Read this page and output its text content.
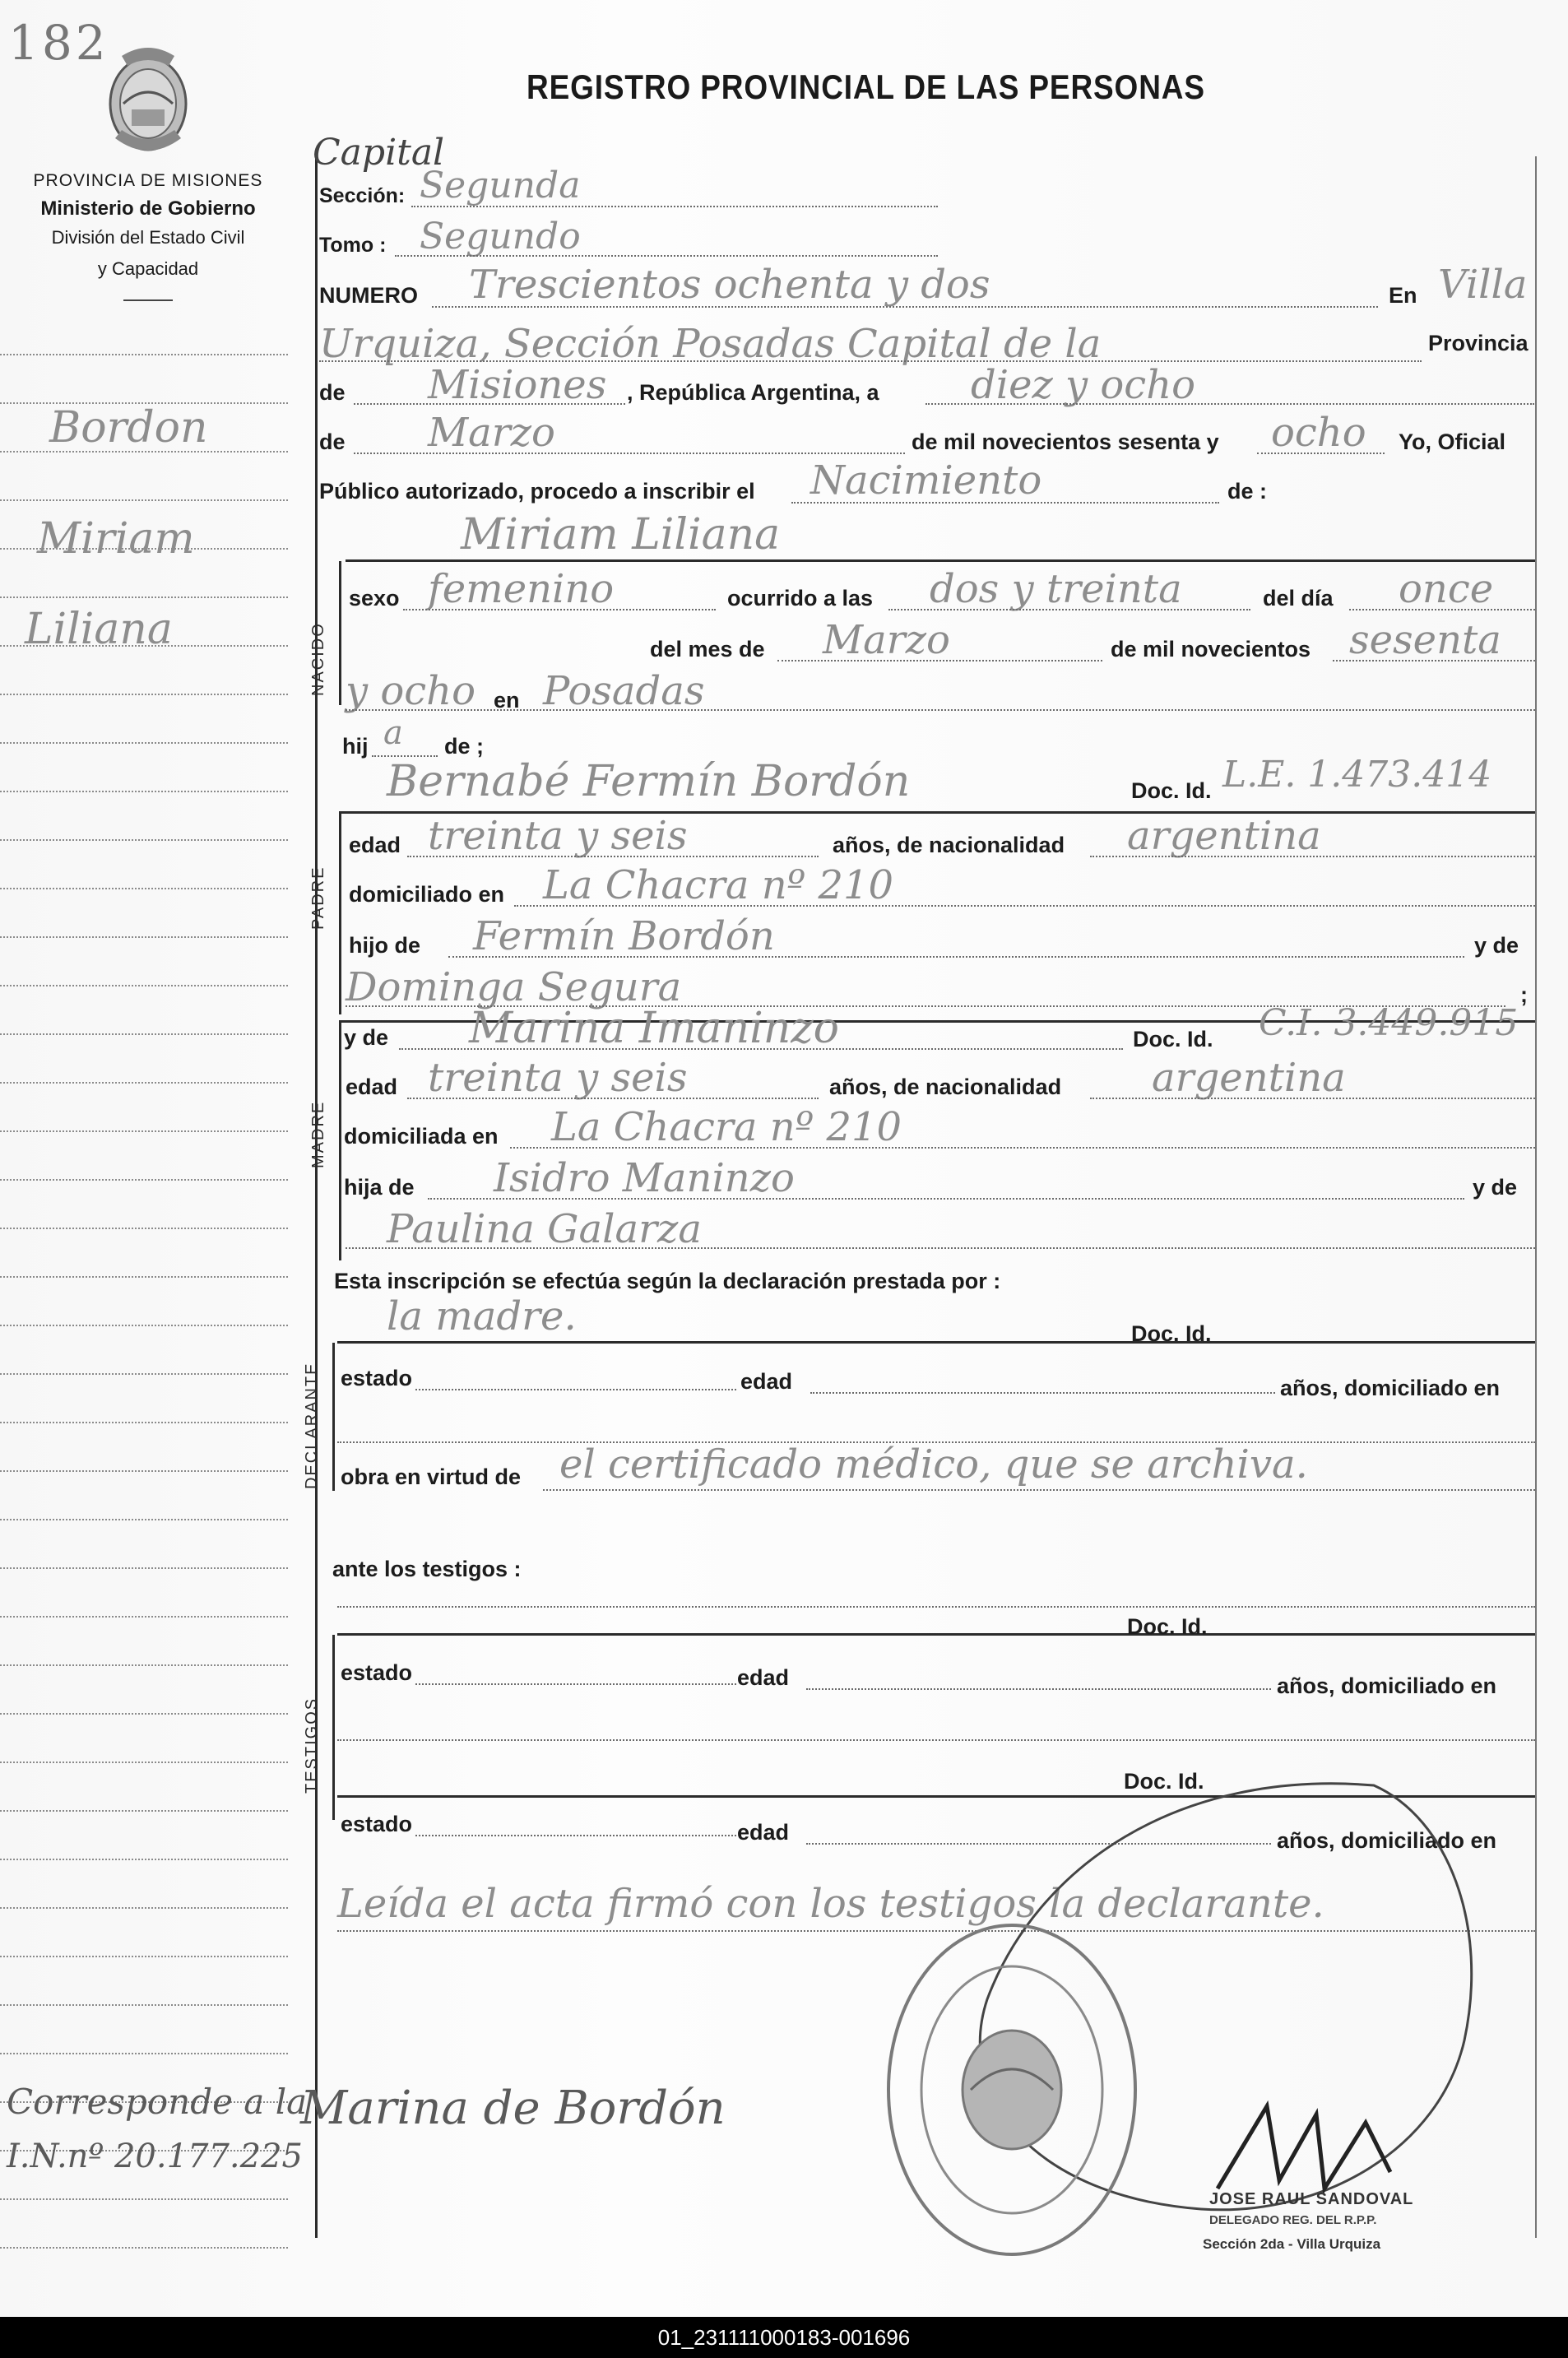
182
PROVINCIA DE MISIONES
Ministerio de Gobierno
División del Estado Civil
y Capacidad
REGISTRO PROVINCIAL DE LAS PERSONAS
Bordon
Miriam
Liliana
Corresponde a la
I.N.nº 20.177.225
Capital
Sección: Segunda
Tomo : Segundo
NUMERO Trescientos ochenta y dos	En Villa
Urquiza, Sección Posadas Capital de la	Provincia
de Misiones , República Argentina, a diez y ocho
de Marzo	de mil novecientos sesenta y ocho Yo, Oficial
Público autorizado, procedo a inscribir el Nacimiento	de :
Miriam Liliana
NACIDO
sexo femenino	ocurrido a las dos y treinta	del día once
del mes de Marzo	de mil novecientos sesenta
y ocho en Posadas
hij a de ;
Bernabé Fermín Bordón	Doc. Id. L.E. 1.473.414
PADRE
edad treinta y seis	años, de nacionalidad argentina
domiciliado en La Chacra nº 210
hijo de Fermín Bordón	y de
Dominga Segura	;
MADRE
y de Marina Imaninzo	Doc. Id. C.I. 3.449.915
edad treinta y seis	años, de nacionalidad argentina
domiciliada en La Chacra nº 210
hija de Isidro Maninzo	y de
Paulina Galarza
Esta inscripción se efectúa según la declaración prestada por :
la madre.	Doc. Id.
DECLARANTE estado	edad	años, domiciliado en
obra en virtud de el certificado médico, que se archiva.
ante los testigos :
Doc. Id.
TESTIGOS
estado	edad	años, domiciliado en
Doc. Id.
estado	edad	años, domiciliado en
Leída el acta firmó con los testigos la declarante.
Marina de Bordón
JOSE RAUL SANDOVAL
DELEGADO REG. DEL R.P.P.
Sección 2da - Villa Urquiza
01_231111000183-001696
